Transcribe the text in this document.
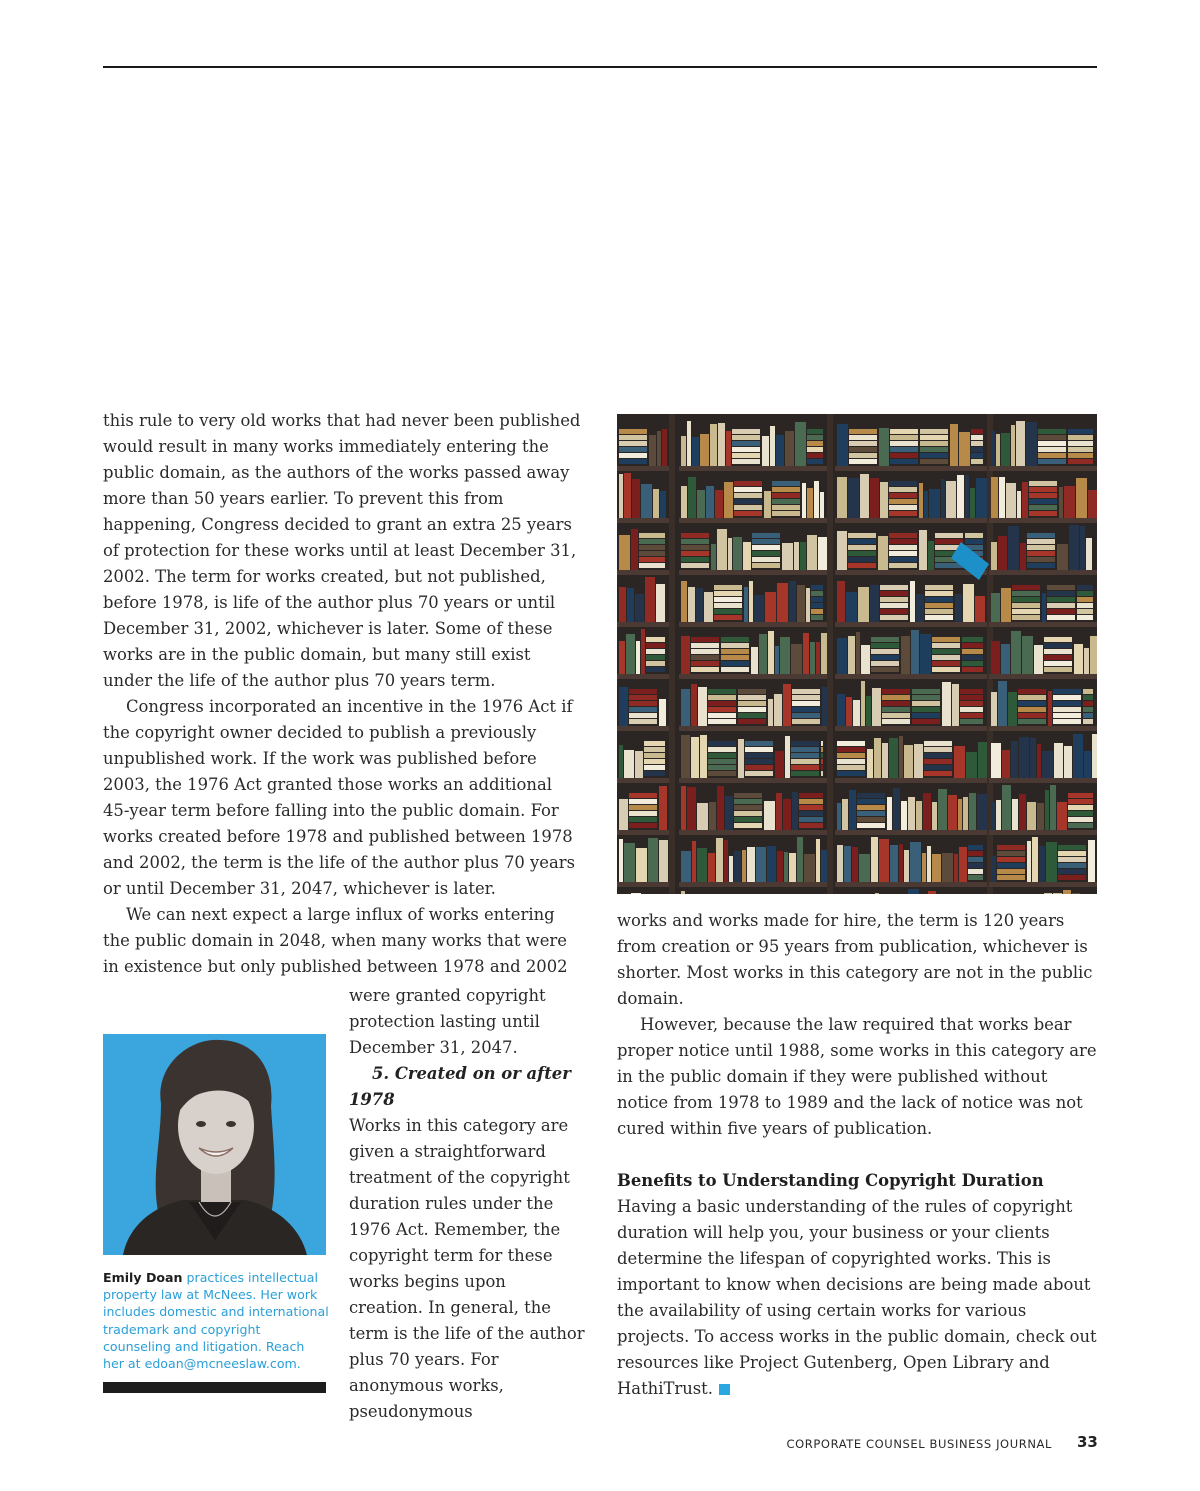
this rule to very old works that had never been published would result in many works immediately entering the public domain, as the authors of the works passed away more than 50 years earlier. To prevent this from happening, Congress decided to grant an extra 25 years of protection for these works until at least December 31, 2002. The term for works created, but not published, before 1978, is life of the author plus 70 years or until December 31, 2002, whichever is later. Some of these works are in the public domain, but many still exist under the life of the author plus 70 years term.

Congress incorporated an incentive in the 1976 Act if the copyright owner decided to publish a previously unpublished work. If the work was published before 2003, the 1976 Act granted those works an additional 45-year term before falling into the public domain. For works created before 1978 and published between 1978 and 2002, the term is the life of the author plus 70 years or until December 31, 2047, whichever is later.

We can next expect a large influx of works entering the public domain in 2048, when many works that were in existence but only published between 1978 and 2002

Emily Doan practices intellectual property law at McNees. Her work includes domestic and international trademark and copyright counseling and litigation. Reach her at edoan@mcneeslaw.com.

were granted copyright protection lasting until December 31, 2047.

5. Created on or after 1978

Works in this category are given a straightforward treatment of the copyright duration rules under the 1976 Act. Remember, the copyright term for these works begins upon creation. In general, the term is the life of the author plus 70 years. For anonymous works, pseudonymous

works and works made for hire, the term is 120 years from creation or 95 years from publication, whichever is shorter. Most works in this category are not in the public domain.

However, because the law required that works bear proper notice until 1988, some works in this category are in the public domain if they were published without notice from 1978 to 1989 and the lack of notice was not cured within five years of publication.

Benefits to Understanding Copyright Duration

Having a basic understanding of the rules of copyright duration will help you, your business or your clients determine the lifespan of copyrighted works. This is important to know when decisions are being made about the availability of using certain works for various projects. To access works in the public domain, check out resources like Project Gutenberg, Open Library and HathiTrust.

CORPORATE COUNSEL BUSINESS JOURNAL 33
